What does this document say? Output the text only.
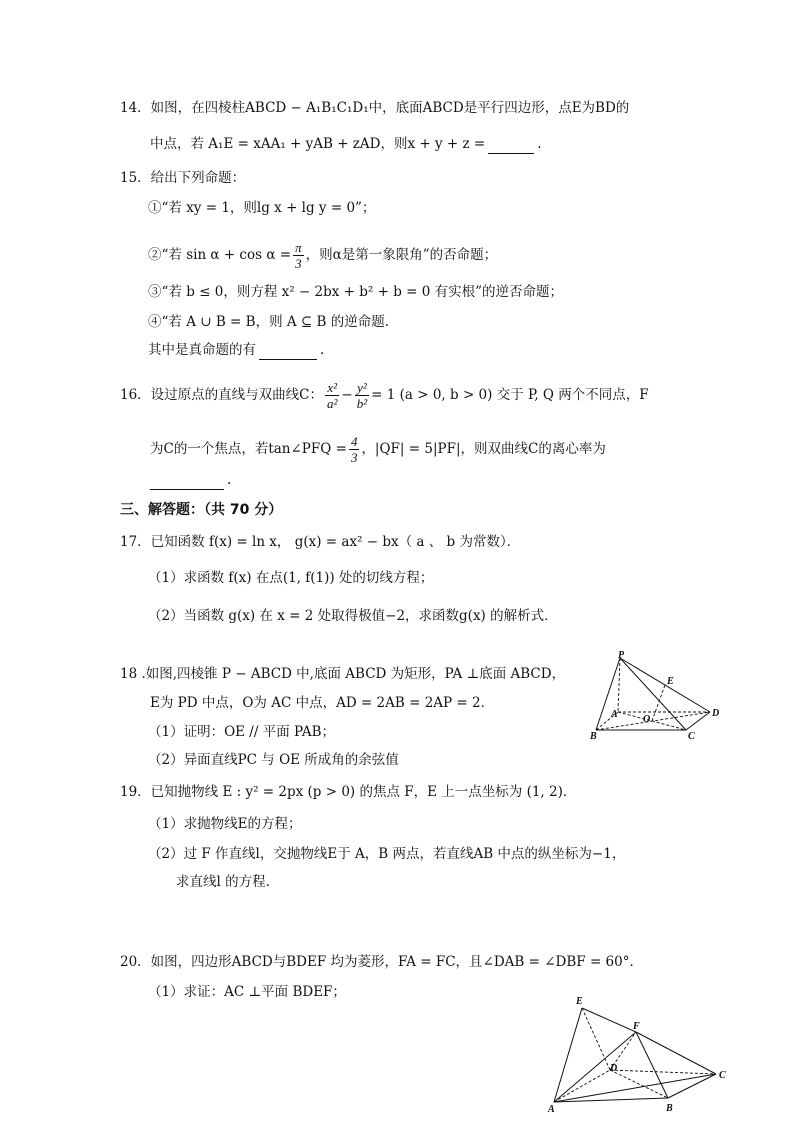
14．如图，在四棱柱ABCD − A₁B₁C₁D₁中，底面ABCD是平行四边形，点E为BD的
中点，若 A₁E = xAA₁ + yAB + zAD，则x + y + z =	.
15．给出下列命题：
①“若 xy = 1，则lg x + lg y = 0”；
②“若 $\sin \alpha + \cos \alpha = \frac{\pi}{3}$ ，则α是第一象限角”的否命题；
③“若 b ≤ 0，则方程 x² − 2bx + b² + b = 0 有实根”的逆否命题；
④“若 A ∪ B = B，则 A ⊆ B 的逆命题．
其中是真命题的有	.
16．设过原点的直线与双曲线C： $\frac{\text{x²}}{\text{a²}} - \frac{\text{y²}}{\text{b²}} = 1$ (a > 0, b > 0) 交于 P, Q 两个不同点，F
为C的一个焦点，若tan∠PFQ = $\frac{4}{3}$ ，|QF| = 5|PF|，则双曲线C的离心率为
.
三、解答题：（共 70 分）
17．已知函数 f(x) = ln x， g(x) = ax² − bx（ a 、 b 为常数）．
（1）求函数 f(x) 在点(1, f(1)) 处的切线方程；
（2）当函数 g(x) 在 x = 2 处取得极值−2，求函数g(x) 的解析式．
18 .如图,四棱锥 P − ABCD 中,底面 ABCD 为矩形，PA ⊥底面 ABCD，
E为 PD 中点，O为 AC 中点，AD = 2AB = 2AP = 2．
（1）证明：OE // 平面 PAB；
（2）异面直线PC 与 OE 所成角的余弦值
P
E
A	O
D
B	C
19．已知抛物线 E : y² = 2px (p > 0) 的焦点 F，E 上一点坐标为 (1, 2)．
（1）求抛物线E的方程；
（2）过 F 作直线l，交抛物线E于 A，B 两点，若直线AB 中点的纵坐标为−1，
求直线l 的方程.
20．如图，四边形ABCD与BDEF 均为菱形，FA = FC，且∠DAB = ∠DBF = 60°．
（1）求证：AC ⊥平面 BDEF；
E
F
D
C
A	B
